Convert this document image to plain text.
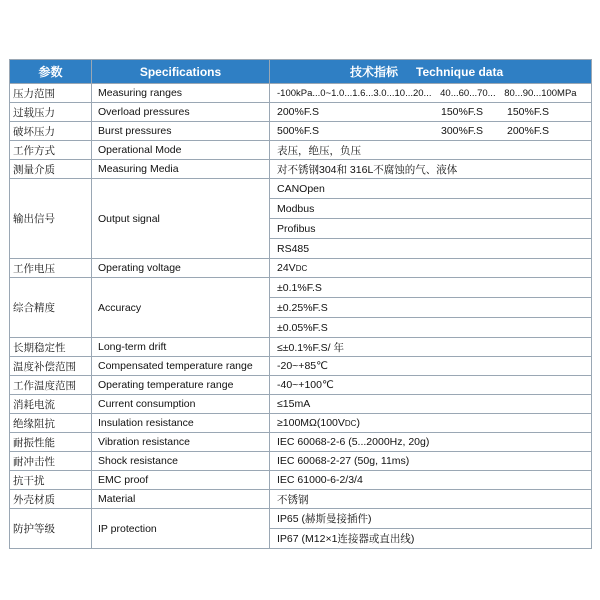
参数	Specifications	技术指标 Technique data
压力范围	Measuring ranges	-100kPa...0~1.0...1.6...3.0...10...20... 40...60...70... 80...90...100MPa
过载压力	Overload pressures	200%F.S 150%F.S 150%F.S
破坏压力	Burst pressures	500%F.S 300%F.S 200%F.S
工作方式	Operational Mode	表压，绝压，负压
测量介质	Measuring Media	对不锈钢304和 316L不腐蚀的气、液体
输出信号	Output signal	CANOpen
		Modbus
		Profibus
		RS485
工作电压	Operating voltage	24VDC
综合精度	Accuracy	±0.1%F.S
		±0.25%F.S
		±0.05%F.S
长期稳定性	Long-term drift	≤±0.1%F.S/ 年
温度补偿范围	Compensated temperature range	-20~+85℃
工作温度范围	Operating temperature range	-40~+100℃
消耗电流	Current consumption	≤15mA
绝缘阻抗	Insulation resistance	≥100MΩ(100VDC)
耐振性能	Vibration resistance	IEC 60068-2-6 (5...2000Hz, 20g)
耐冲击性	Shock resistance	IEC 60068-2-27 (50g, 11ms)
抗干扰	EMC proof	IEC 61000-6-2/3/4
外壳材质	Material	不锈钢
防护等级	IP protection	IP65 (赫斯曼接插件)
		IP67 (M12×1连接器或直出线)
